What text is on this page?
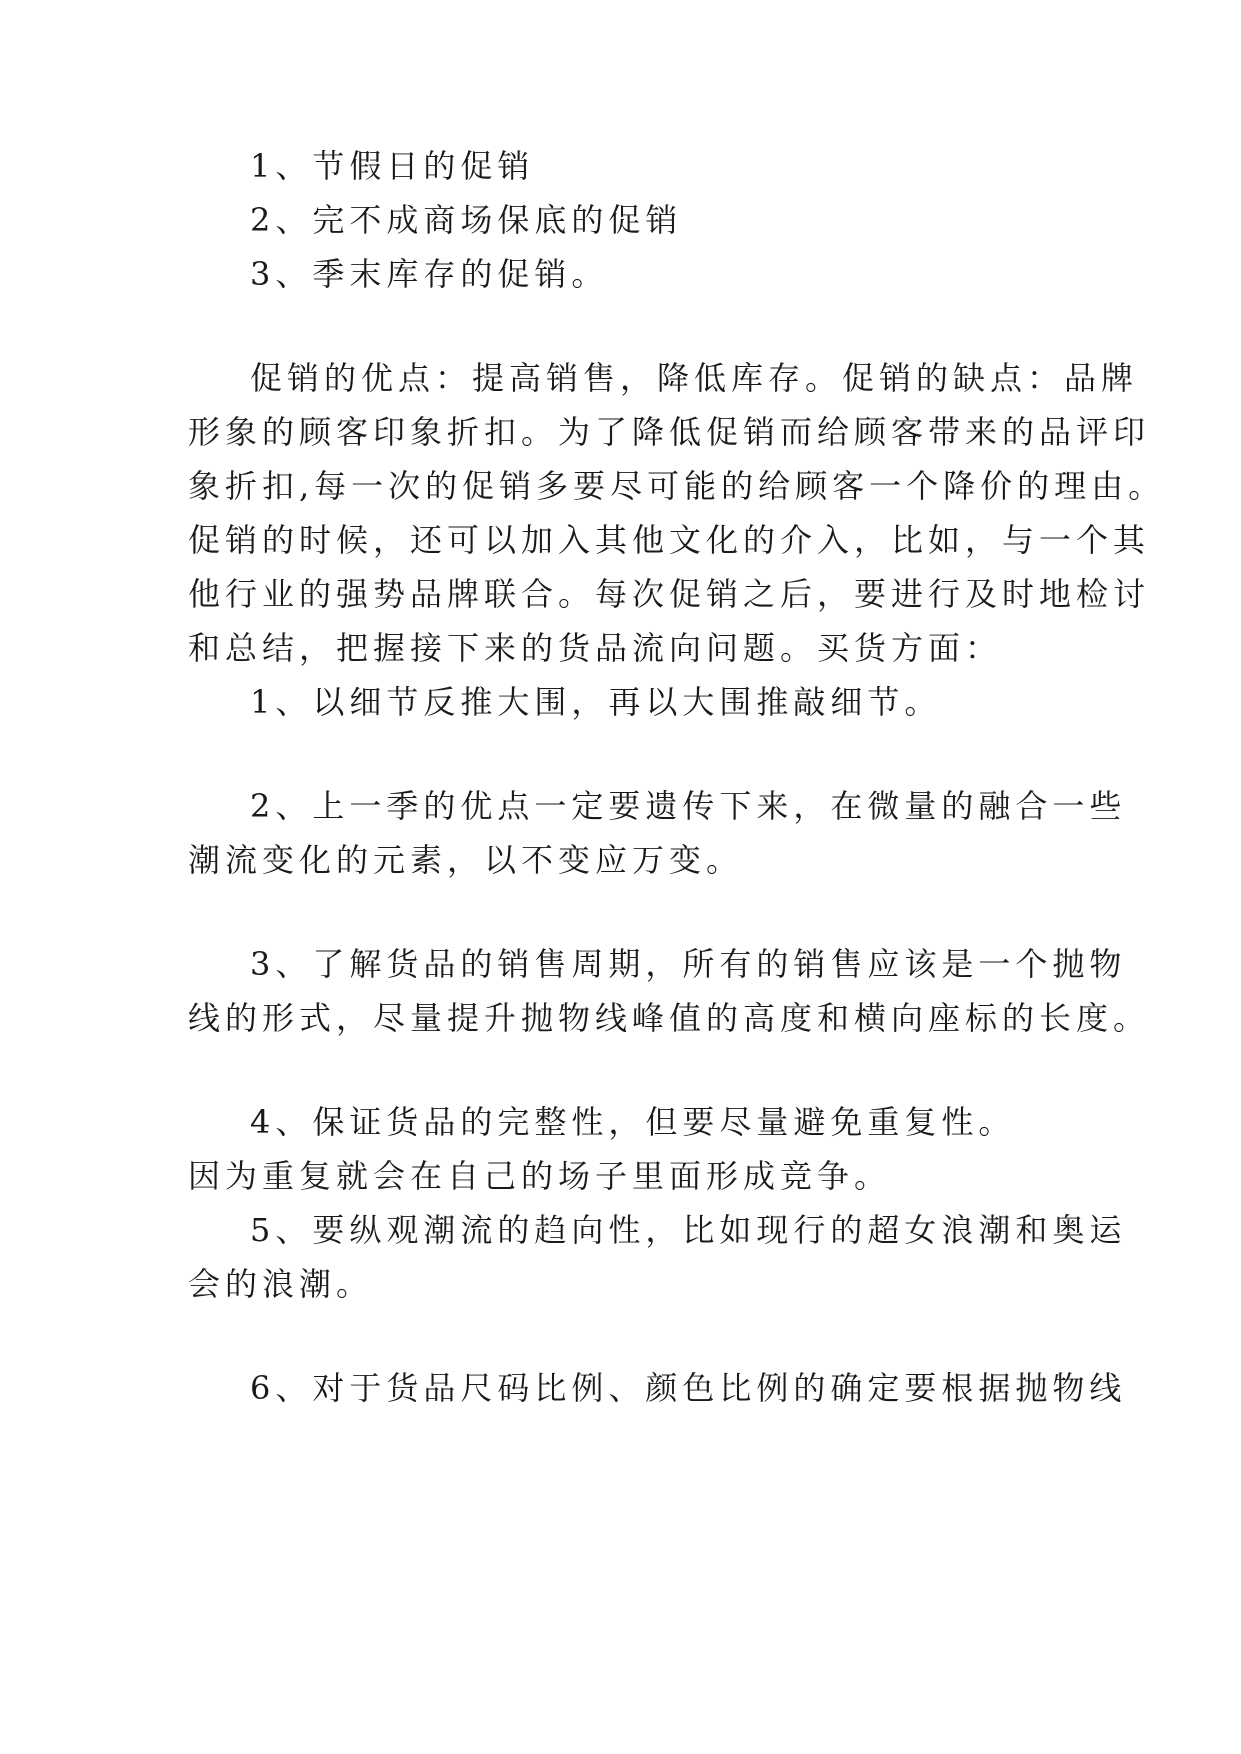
1、节假日的促销
2、完不成商场保底的促销
3、季末库存的促销。
促销的优点：提高销售，降低库存。促销的缺点：品牌
形象的顾客印象折扣。为了降低促销而给顾客带来的品评印
象折扣,每一次的促销多要尽可能的给顾客一个降价的理由。
促销的时候，还可以加入其他文化的介入，比如，与一个其
他行业的强势品牌联合。每次促销之后，要进行及时地检讨
和总结，把握接下来的货品流向问题。买货方面：
1、以细节反推大围，再以大围推敲细节。
2、上一季的优点一定要遗传下来，在微量的融合一些
潮流变化的元素，以不变应万变。
3、了解货品的销售周期，所有的销售应该是一个抛物
线的形式，尽量提升抛物线峰值的高度和横向座标的长度。
4、保证货品的完整性，但要尽量避免重复性。
因为重复就会在自己的场子里面形成竞争。
5、要纵观潮流的趋向性，比如现行的超女浪潮和奥运
会的浪潮。
6、对于货品尺码比例、颜色比例的确定要根据抛物线
